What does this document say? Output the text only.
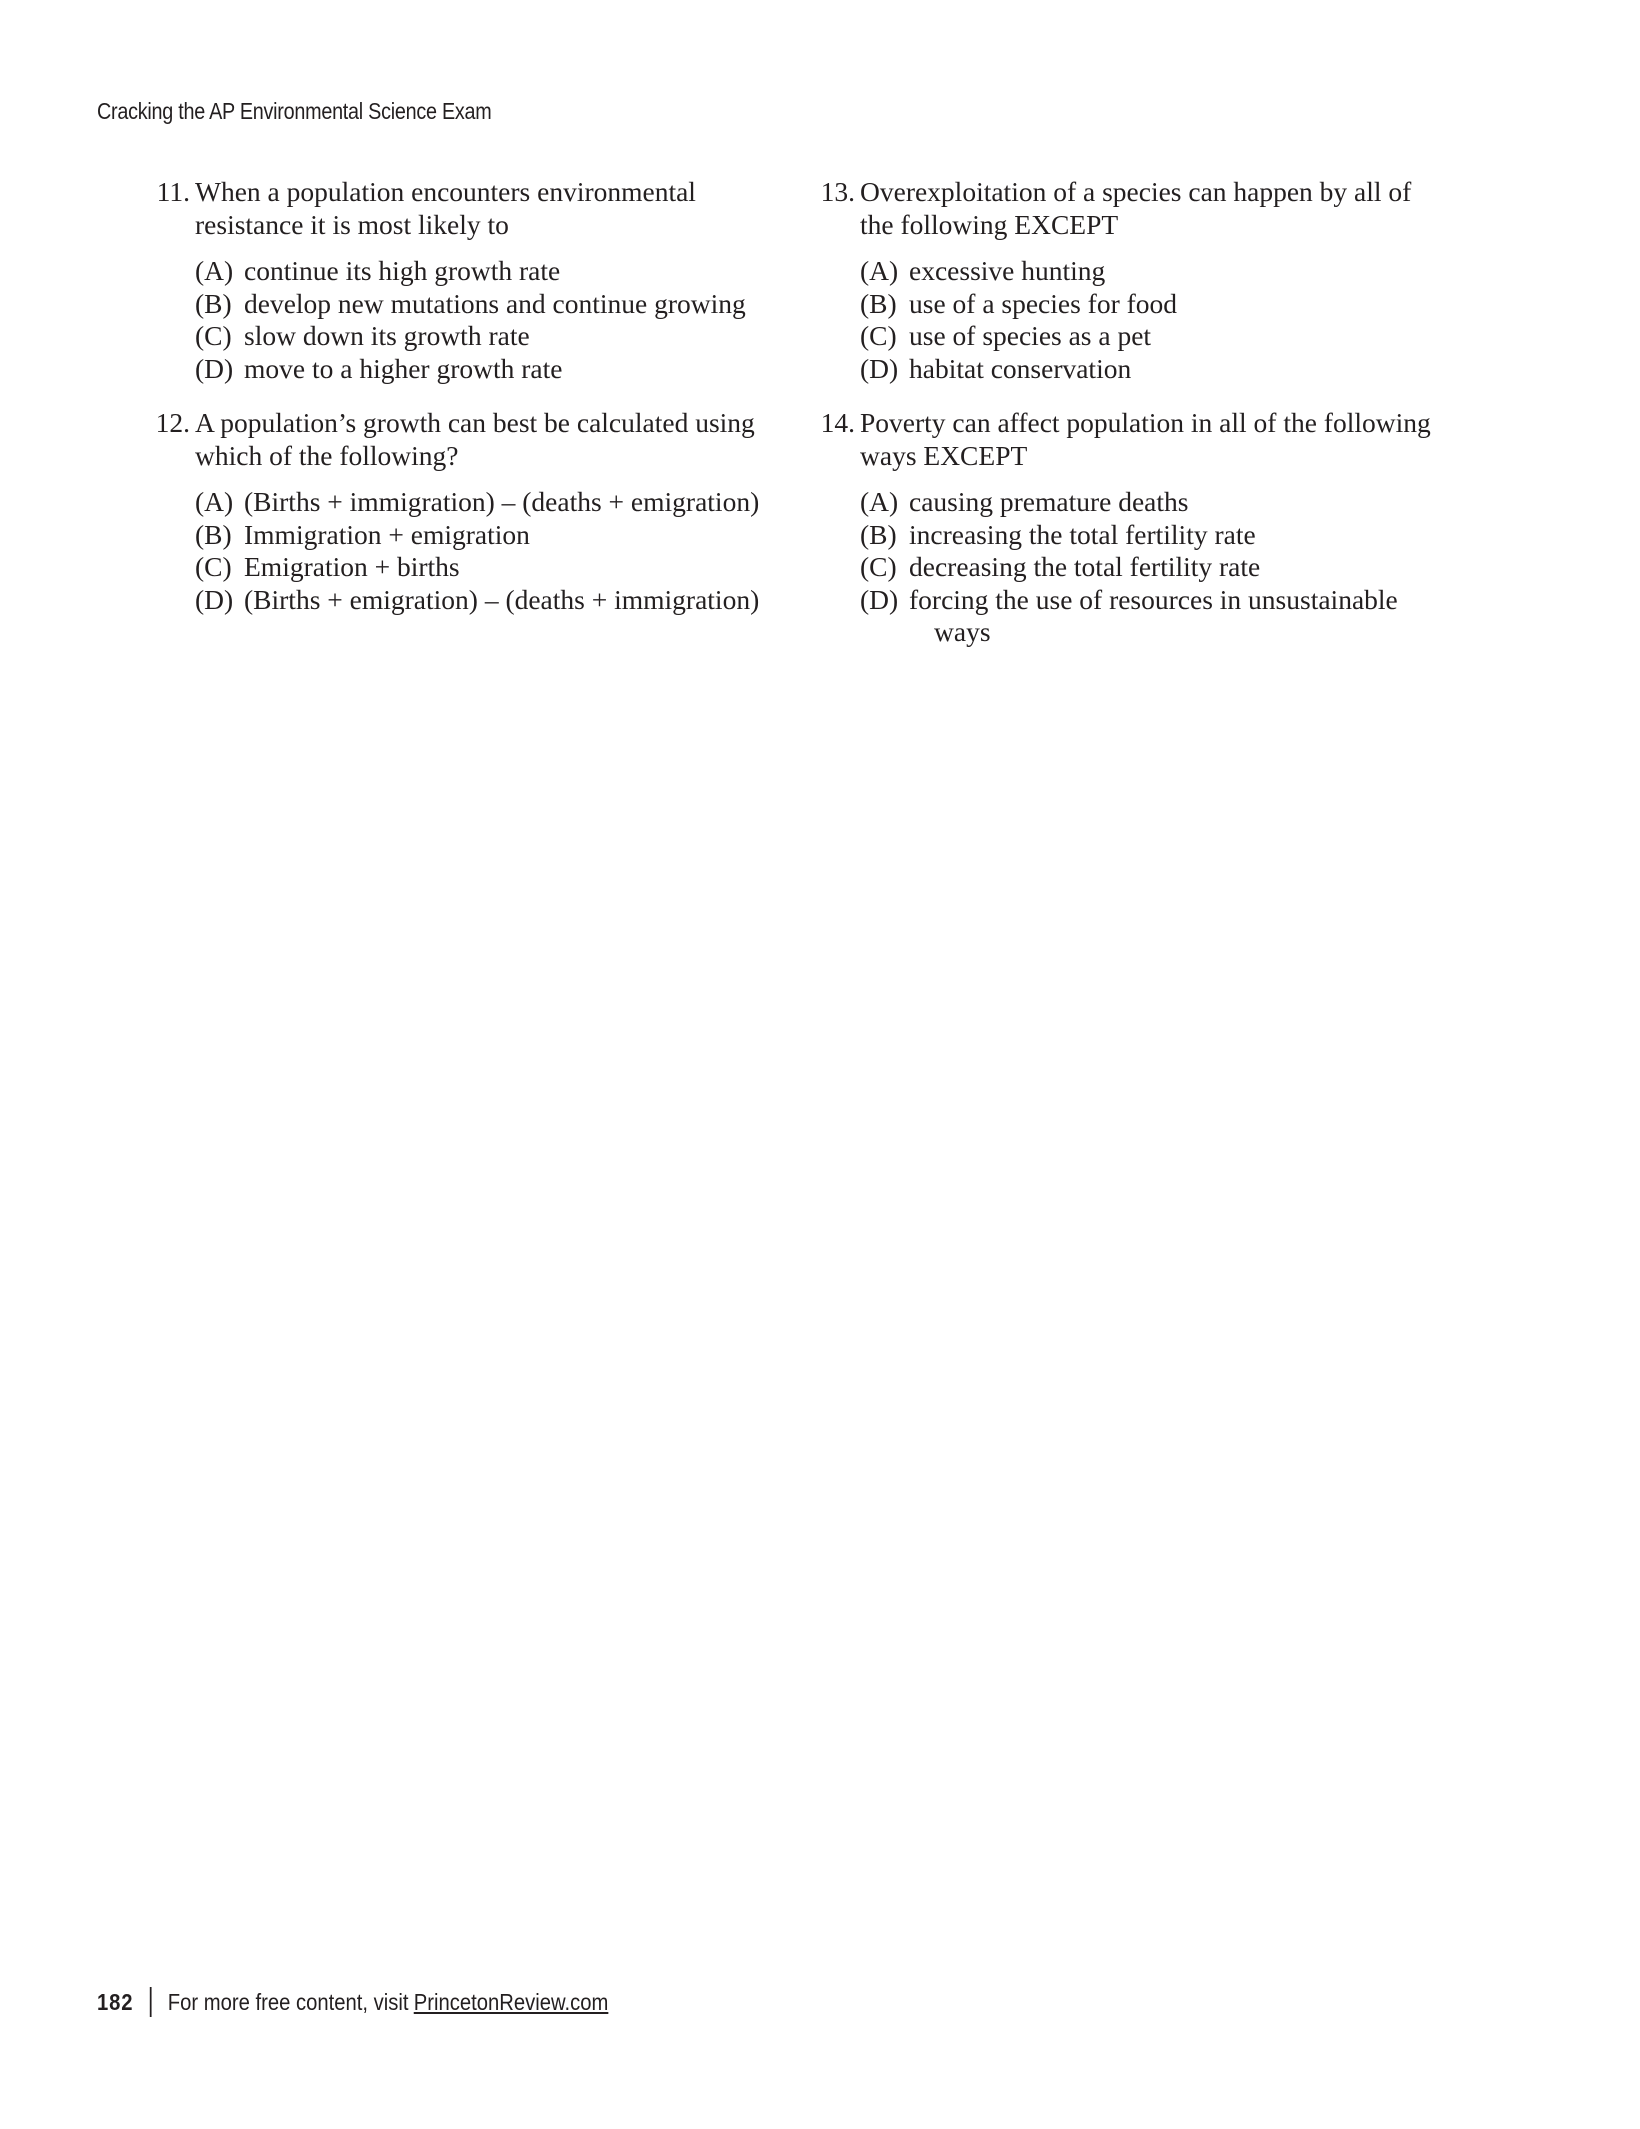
Cracking the AP Environmental Science Exam
11. When a population encounters environmental resistance it is most likely to
(A) continue its high growth rate
(B) develop new mutations and continue growing
(C) slow down its growth rate
(D) move to a higher growth rate
12. A population’s growth can best be calculated using which of the following?
(A) (Births + immigration) – (deaths + emigration)
(B) Immigration + emigration
(C) Emigration + births
(D) (Births + emigration) – (deaths + immigration)
13. Overexploitation of a species can happen by all of the following EXCEPT
(A) excessive hunting
(B) use of a species for food
(C) use of species as a pet
(D) habitat conservation
14. Poverty can affect population in all of the following ways EXCEPT
(A) causing premature deaths
(B) increasing the total fertility rate
(C) decreasing the total fertility rate
(D) forcing the use of resources in unsustainable
ways
182 For more free content, visit PrincetonReview.com
